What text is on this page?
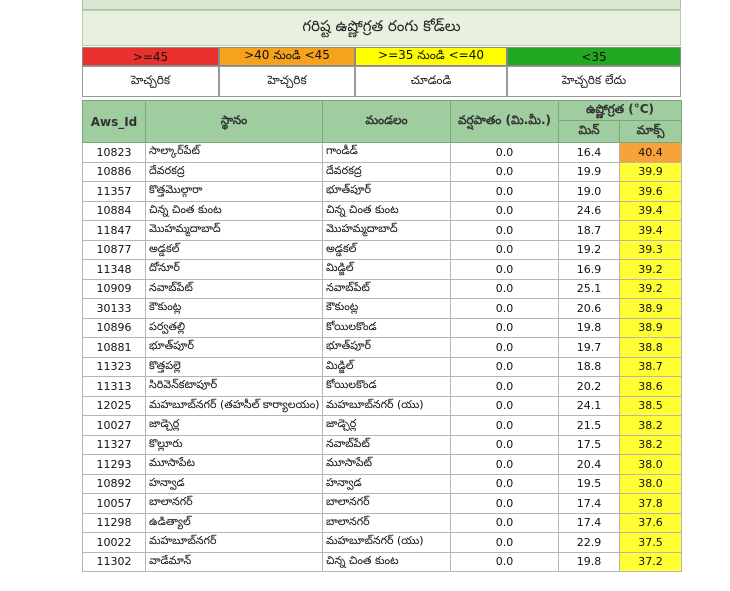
గరిష్ట ఉష్ణోగ్రత రంగు కోడ్‌లు
>=45	>40 నుండి <45	>=35 నుండి <=40	<35
హెచ్చరిక	హెచ్చరిక	చూడండి	హెచ్చరిక లేదు
Aws_Id	స్థానం	మండలం	వర్షపాతం (మి.మీ.)	ఉష్ణోగ్రత (°C)	
				మిన్	మాక్స్
10823	సాల్కార్‌పేట్	గాండీడ్	0.0	16.4	40.4
10886	దేవరకద్ర	దేవరకద్ర	0.0	19.9	39.9
11357	కొత్తమొల్గారా	భూత్‌పూర్	0.0	19.0	39.6
10884	చిన్న చింత కుంట	చిన్న చింత కుంట	0.0	24.6	39.4
11847	మొహమ్మదాబాద్	మొహమ్మదాబాద్	0.0	18.7	39.4
10877	అడ్డకల్	అడ్డకల్	0.0	19.2	39.3
11348	దోనూర్	మిడ్జిల్	0.0	16.9	39.2
10909	నవాబ్‌పేట్	నవాబ్‌పేట్	0.0	25.1	39.2
30133	కౌకుంట్ల	కౌకుంట్ల	0.0	20.6	38.9
10896	పర్వతల్లి	కోయిలకొండ	0.0	19.8	38.9
10881	భూత్‌పూర్	భూత్‌పూర్	0.0	19.7	38.8
11323	కొత్తపల్లె	మిడ్జిల్	0.0	18.8	38.7
11313	సిరివెన్‌కటాపూర్	కోయిలకొండ	0.0	20.2	38.6
12025	మహబూబ్‌నగర్ (తహసీల్ కార్యాలయం)	మహబూబ్‌నగర్ (యు)	0.0	24.1	38.5
10027	జాడ్చెర్ల	జాడ్చెర్ల	0.0	21.5	38.2
11327	కొల్లూరు	నవాబ్‌పేట్	0.0	17.5	38.2
11293	మూసాపేట	మూసాపేట్	0.0	20.4	38.0
10892	హన్వాడ	హన్వాడ	0.0	19.5	38.0
10057	బాలానగర్	బాలానగర్	0.0	17.4	37.8
11298	ఉడిత్యాల్	బాలానగర్	0.0	17.4	37.6
10022	మహబూబ్‌నగర్	మహబూబ్‌నగర్ (యు)	0.0	22.9	37.5
11302	వాడేమాన్	చిన్న చింత కుంట	0.0	19.8	37.2
